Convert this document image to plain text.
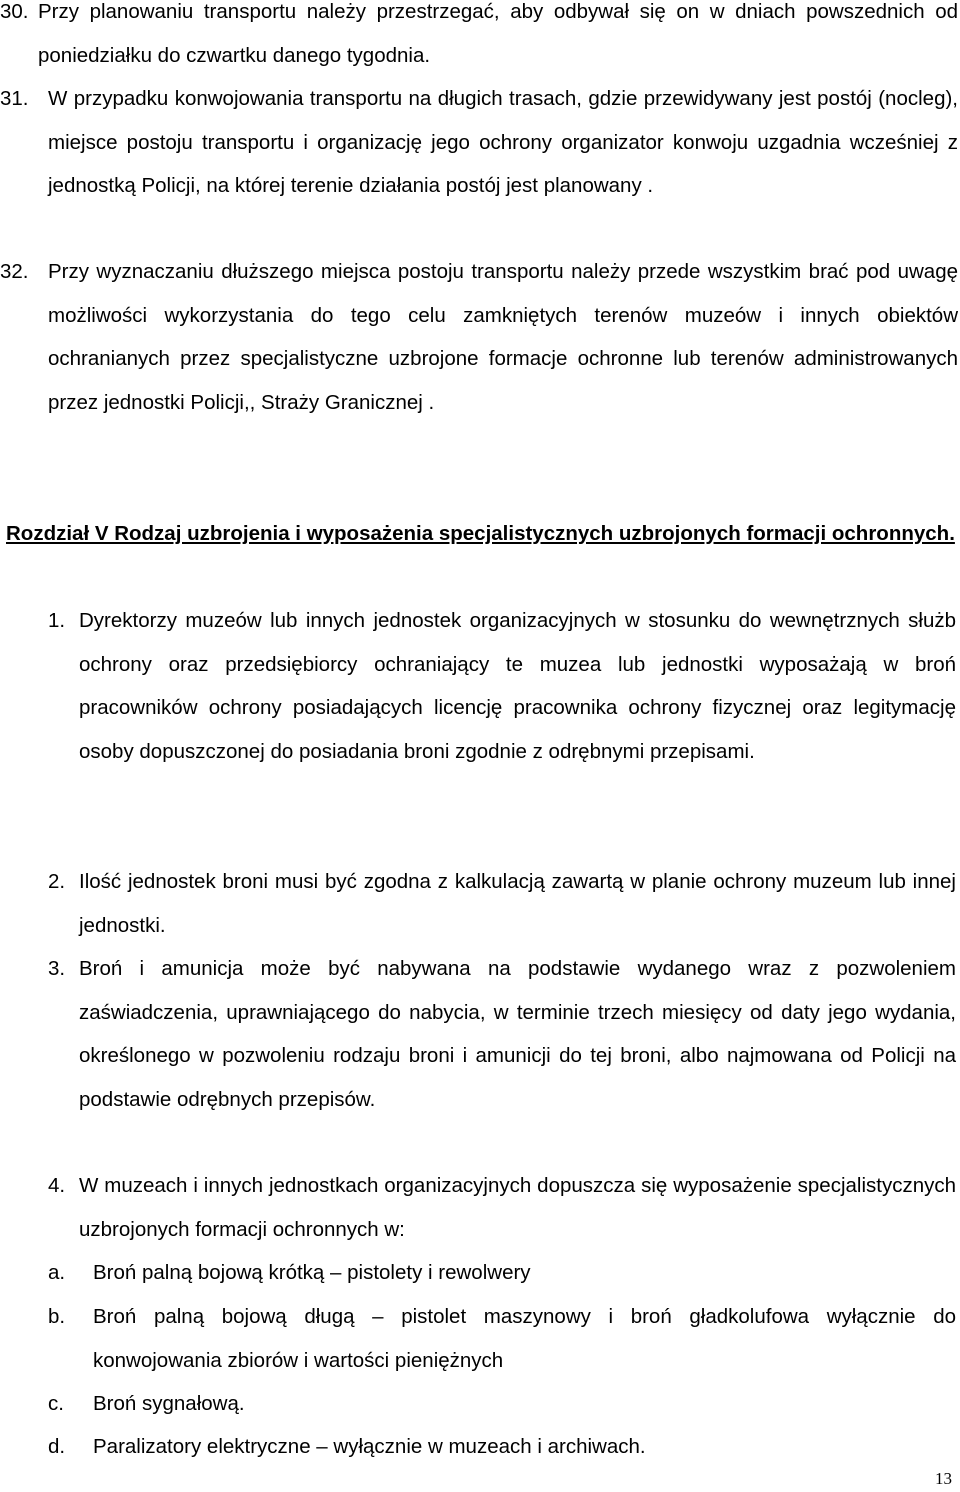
30. Przy planowaniu transportu należy przestrzegać, aby odbywał się on w dniach powszednich od poniedziałku do czwartku danego tygodnia.
31. W przypadku konwojowania transportu na długich trasach, gdzie przewidywany jest postój (nocleg), miejsce postoju transportu i organizację jego ochrony organizator konwoju uzgadnia wcześniej z jednostką Policji, na której terenie działania postój jest planowany .
32. Przy wyznaczaniu dłuższego miejsca postoju transportu należy przede wszystkim brać pod uwagę możliwości wykorzystania do tego celu zamkniętych terenów muzeów i innych obiektów ochranianych przez specjalistyczne uzbrojone formacje ochronne lub terenów administrowanych przez jednostki Policji,, Straży Granicznej .
Rozdział V Rodzaj uzbrojenia i wyposażenia specjalistycznych uzbrojonych formacji ochronnych.
1. Dyrektorzy muzeów lub innych jednostek organizacyjnych w stosunku do wewnętrznych służb ochrony oraz przedsiębiorcy ochraniający te muzea lub jednostki wyposażają w broń pracowników ochrony posiadających licencję pracownika ochrony fizycznej oraz legitymację osoby dopuszczonej do posiadania broni zgodnie z odrębnymi przepisami.
2. Ilość jednostek broni musi być zgodna z kalkulacją zawartą w planie ochrony muzeum lub innej jednostki.
3. Broń i amunicja może być nabywana na podstawie wydanego wraz z pozwoleniem zaświadczenia, uprawniającego do nabycia, w terminie trzech miesięcy od daty jego wydania, określonego w pozwoleniu rodzaju broni i amunicji do tej broni, albo najmowana od Policji na podstawie odrębnych przepisów.
4. W muzeach i innych jednostkach organizacyjnych dopuszcza się wyposażenie specjalistycznych uzbrojonych formacji ochronnych w:
a. Broń palną bojową krótką – pistolety i rewolwery
b. Broń palną bojową długą – pistolet maszynowy i broń gładkolufowa wyłącznie do konwojowania zbiorów i wartości pieniężnych
c. Broń sygnałową.
d. Paralizatory elektryczne – wyłącznie w muzeach i archiwach.
13
